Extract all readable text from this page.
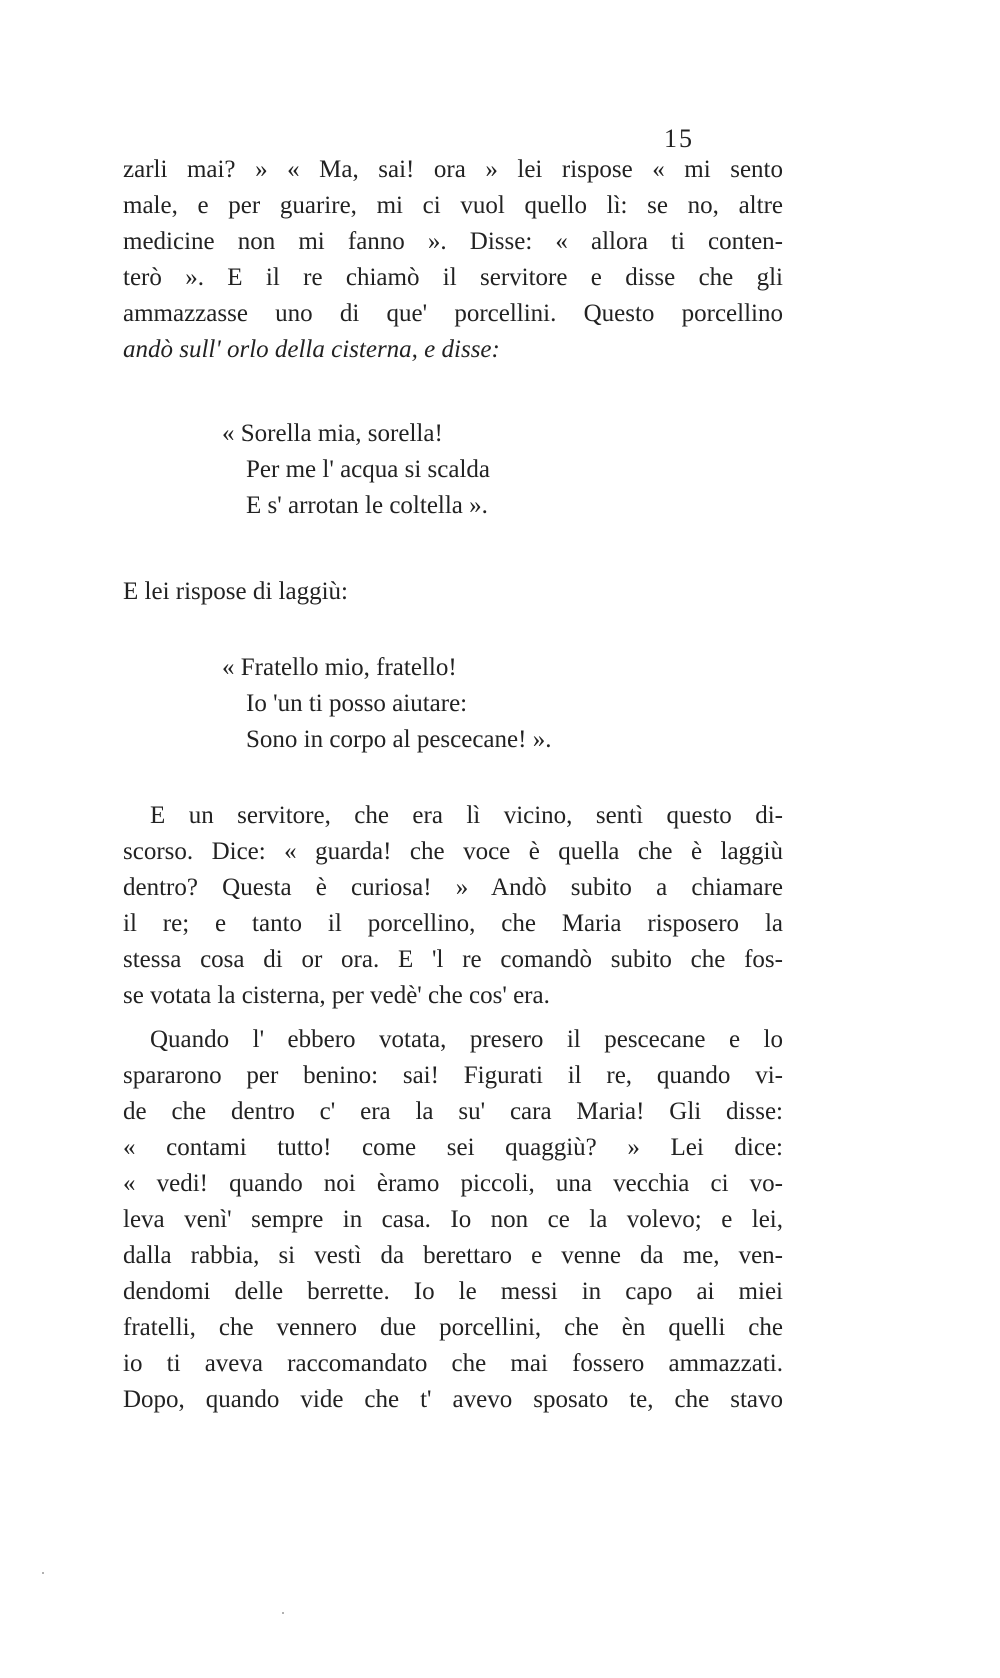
15
zarli mai? » « Ma, sai! ora » lei rispose « mi sento
male, e per guarire, mi ci vuol quello lì: se no, altre
medicine non mi fanno ». Disse: « allora ti conten-
terò ». E il re chiamò il servitore e disse che gli
ammazzasse uno di que' porcellini. Questo porcellino
andò sull' orlo della cisterna, e disse:
« Sorella mia, sorella!
Per me l' acqua si scalda
E s' arrotan le coltella ».
E lei rispose di laggiù:
« Fratello mio, fratello!
Io 'un ti posso aiutare:
Sono in corpo al pescecane! ».
E un servitore, che era lì vicino, sentì questo di-
scorso. Dice: « guarda! che voce è quella che è laggiù
dentro? Questa è curiosa! » Andò subito a chiamare
il re; e tanto il porcellino, che Maria risposero la
stessa cosa di or ora. E 'l re comandò subito che fos-
se votata la cisterna, per vedè' che cos' era.
Quando l' ebbero votata, presero il pescecane e lo
spararono per benino: sai! Figurati il re, quando vi-
de che dentro c' era la su' cara Maria! Gli disse:
« contami tutto! come sei quaggiù? » Lei dice:
« vedi! quando noi èramo piccoli, una vecchia ci vo-
leva venì' sempre in casa. Io non ce la volevo; e lei,
dalla rabbia, si vestì da berettaro e venne da me, ven-
dendomi delle berrette. Io le messi in capo ai miei
fratelli, che vennero due porcellini, che èn quelli che
io ti aveva raccomandato che mai fossero ammazzati.
Dopo, quando vide che t' avevo sposato te, che stavo
